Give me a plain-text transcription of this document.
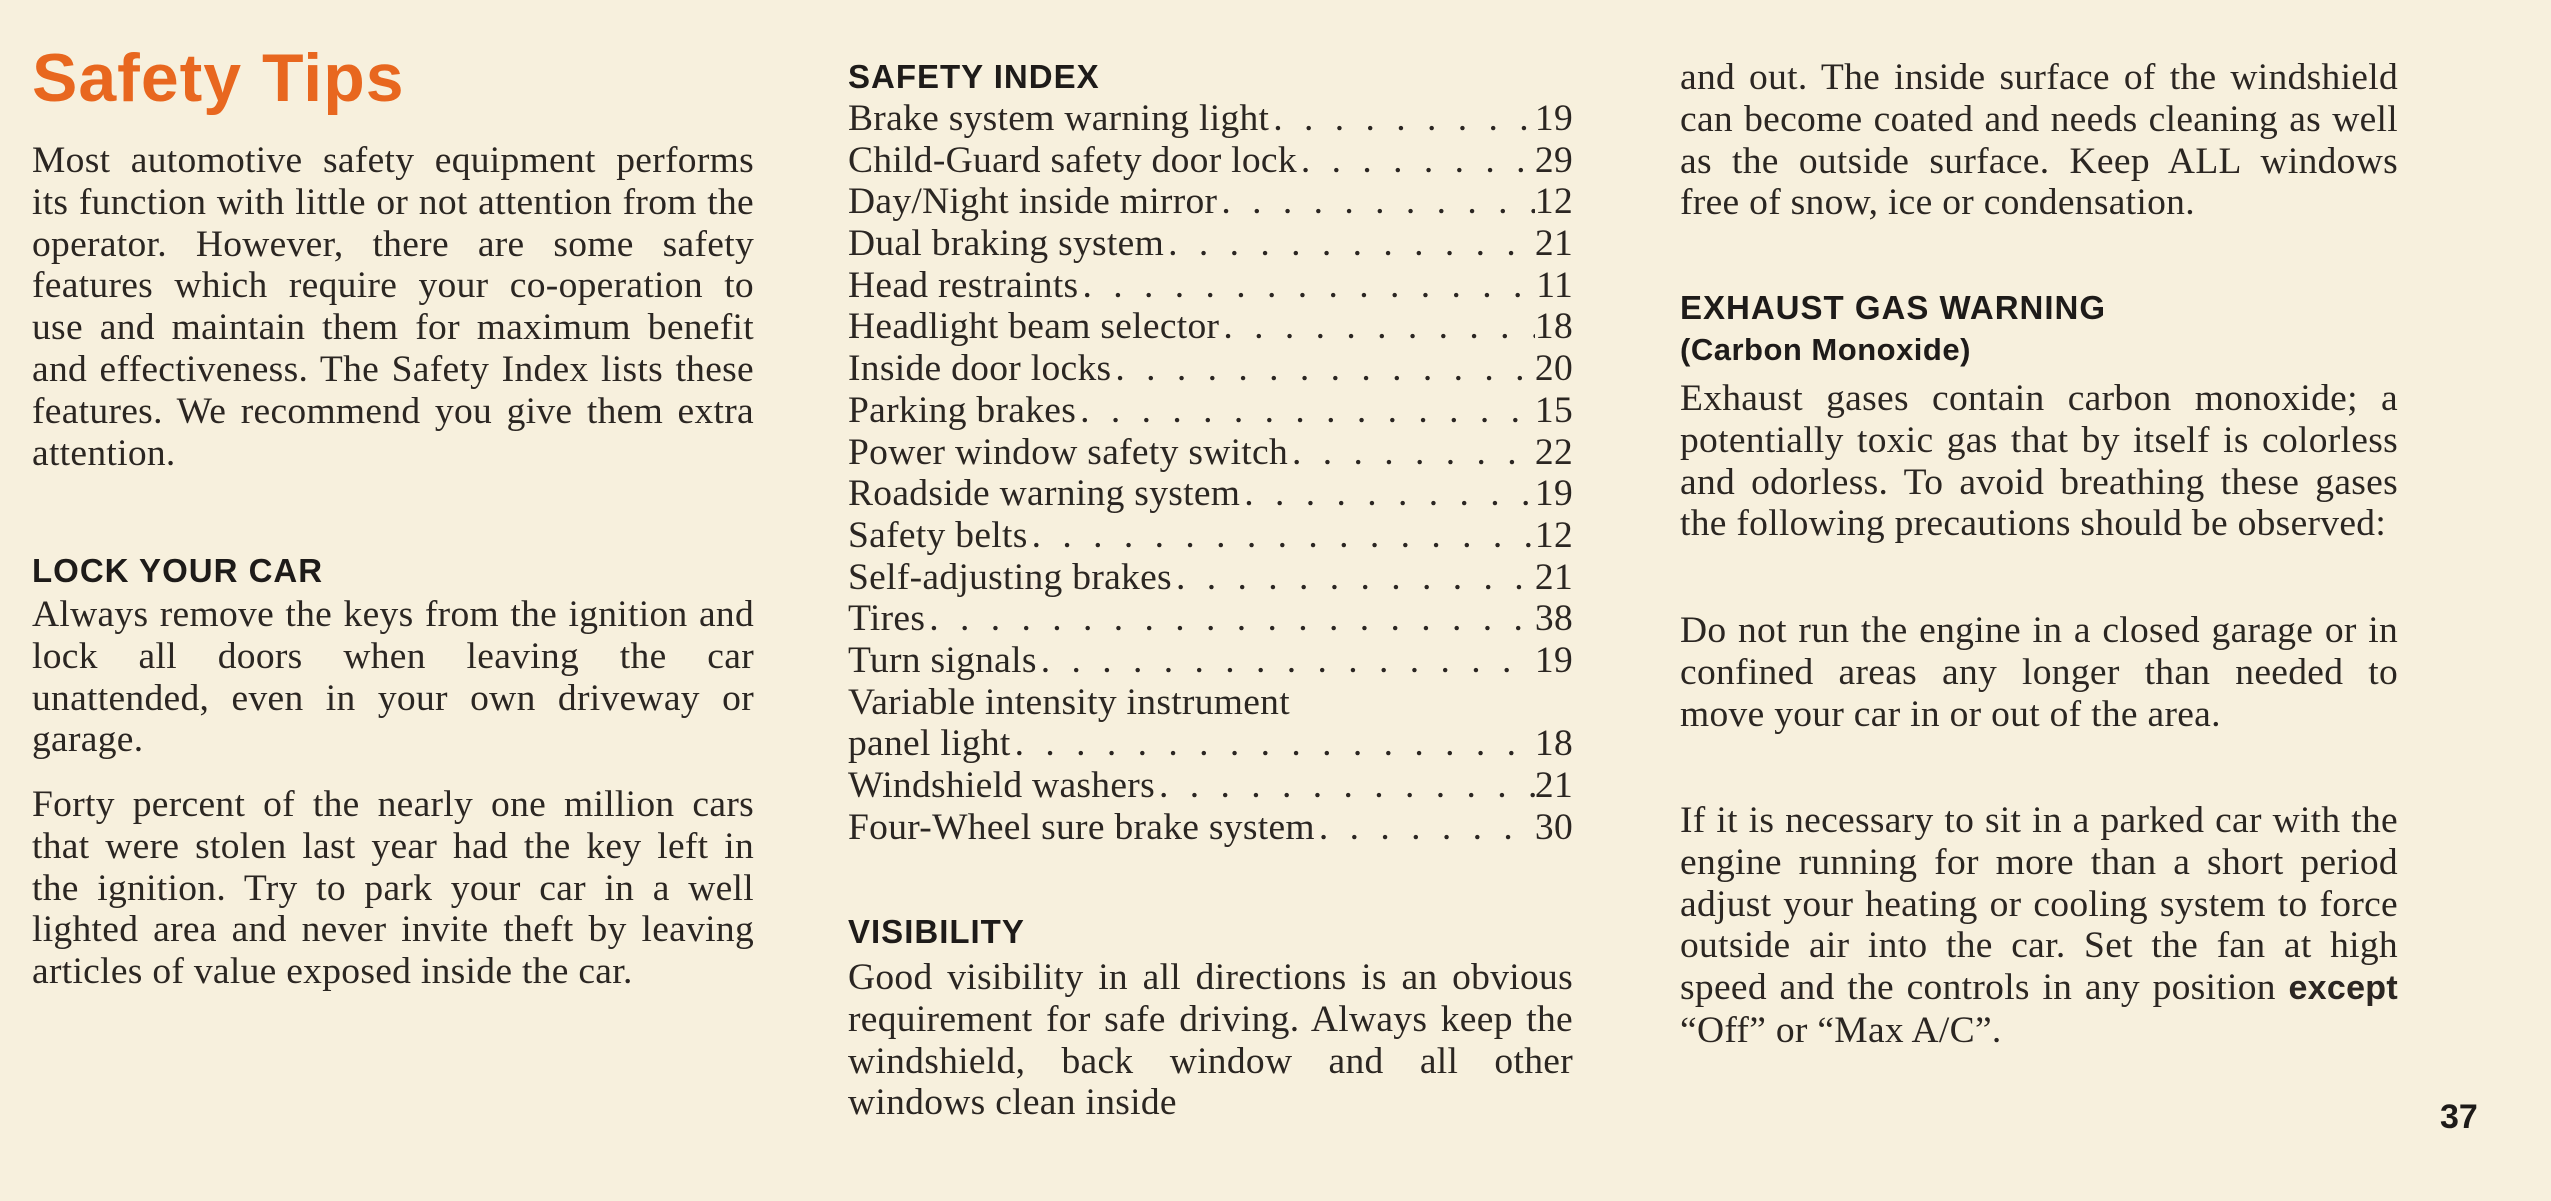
Safety Tips

Most automotive safety equipment performs its function with little or not attention from the operator. However, there are some safety features which require your co-operation to use and maintain them for maximum benefit and effectiveness. The Safety Index lists these features. We recommend you give them extra attention.

LOCK YOUR CAR

Always remove the keys from the ignition and lock all doors when leaving the car unattended, even in your own driveway or garage.

Forty percent of the nearly one million cars that were stolen last year had the key left in the ignition. Try to park your car in a well lighted area and never invite theft by leaving articles of value exposed inside the car.

SAFETY INDEX
Brake system warning light . . .	19
Child-Guard safety door lock . . .	29
Day/Night inside mirror . . .	12
Dual braking system . . .	21
Head restraints . . .	11
Headlight beam selector . . .	18
Inside door locks . . .	20
Parking brakes . . .	15
Power window safety switch . . .	22
Roadside warning system . . .	19
Safety belts . . .	12
Self-adjusting brakes . . .	21
Tires . . .	38
Turn signals . . .	19
Variable intensity instrument
panel light . . .	18
Windshield washers . . .	21
Four-Wheel sure brake system . . .	30
VISIBILITY

Good visibility in all directions is an obvious requirement for safe driving. Always keep the windshield, back window and all other windows clean inside

and out. The inside surface of the windshield can become coated and needs cleaning as well as the outside surface. Keep ALL windows free of snow, ice or condensation.

EXHAUST GAS WARNING
(Carbon Monoxide)

Exhaust gases contain carbon monoxide; a potentially toxic gas that by itself is colorless and odorless. To avoid breathing these gases the following precautions should be observed:

Do not run the engine in a closed garage or in confined areas any longer than needed to move your car in or out of the area.

If it is necessary to sit in a parked car with the engine running for more than a short period adjust your heating or cooling system to force outside air into the car. Set the fan at high speed and the controls in any position except “Off” or “Max A/C”.

37
